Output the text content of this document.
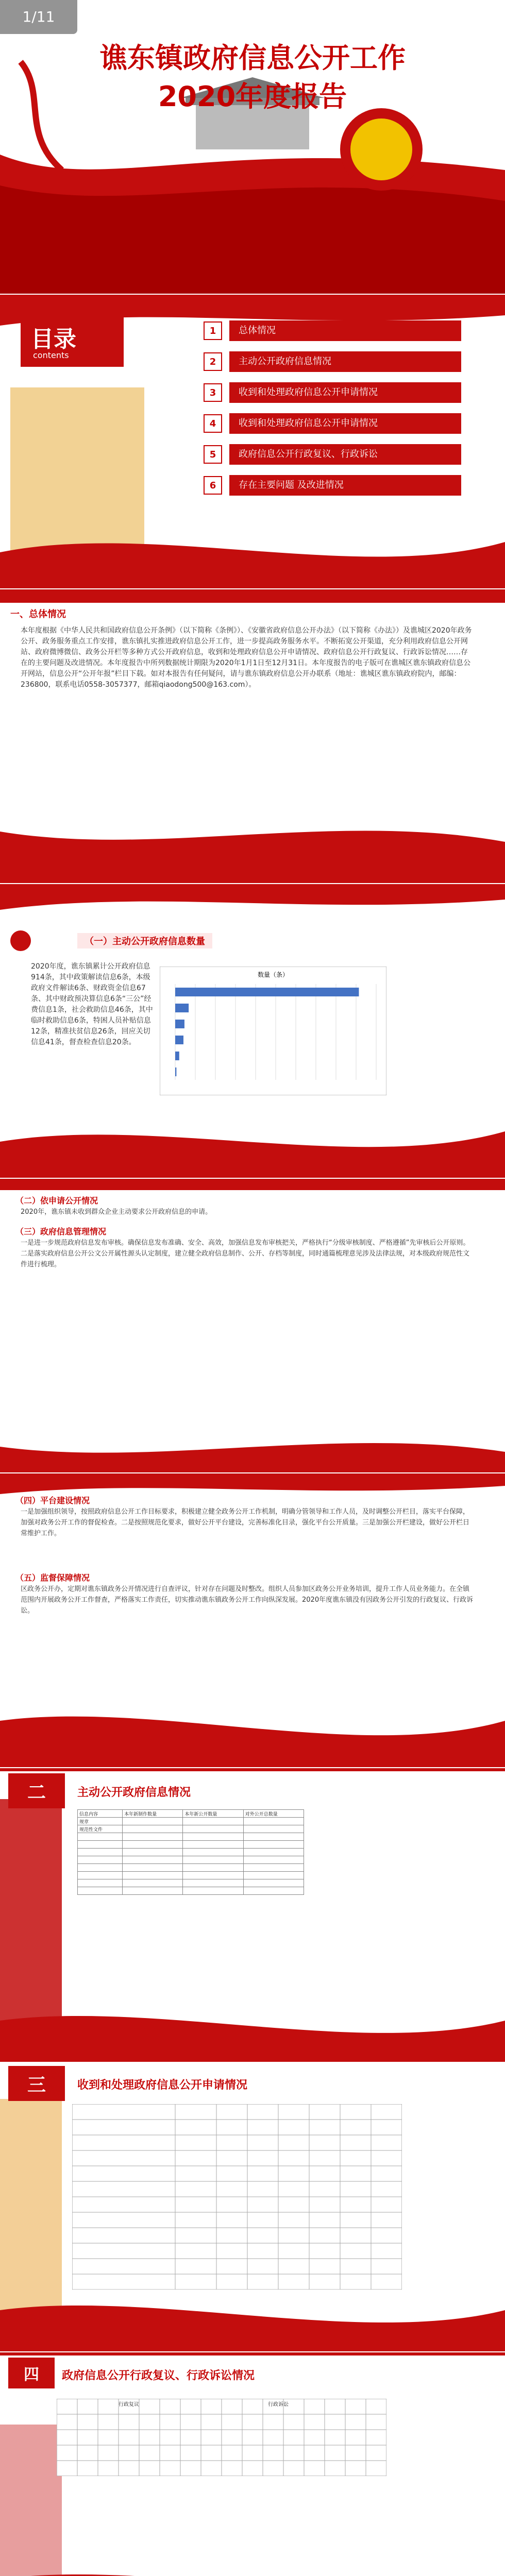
1/11
谯东镇政府信息公开工作
2020年度报告
目录
contents
1	总体情况
2	主动公开政府信息情况
3	收到和处理政府信息公开申请情况
4	收到和处理政府信息公开申请情况
5	政府信息公开行政复议、行政诉讼
6	存在主要问题 及改进情况
一、总体情况
本年度根据《中华人民共和国政府信息公开条例》（以下简称《条例》）、《安徽省政府信息公开办法》（以下简称《办法》）及谯城区2020年政务公开、政务服务重点工作安排，谯东镇扎实推进政府信息公开工作，进一步提高政务服务水平。不断拓宽公开渠道，充分利用政府信息公开网站、政府微博微信、政务公开栏等多种方式公开政府信息，收到和处理政府信息公开申请情况、政府信息公开行政复议、行政诉讼情况……存在的主要问题及改进情况。本年度报告中所列数据统计期限为2020年1月1日至12月31日。本年度报告的电子版可在谯城区谯东镇政府信息公开网站，信息公开“公开年报”栏目下载。如对本报告有任何疑问，请与谯东镇政府信息公开办联系（地址：谯城区谯东镇政府院内，邮编：236800，联系电话0558-3057377，邮箱qiaodong500@163.com）。
（一）主动公开政府信息数量
2020年度，谯东镇累计公开政府信息914条，其中政策解读信息6条，本级政府文件解读6条、财政资金信息67条、其中财政预决算信息6条“三公”经费信息1条，社会救助信息46条，其中临时救助信息6条，特困人员补贴信息12条，精准扶贫信息26条，回应关切信息41条，督查检查信息20条。
数量（条）
（二）依申请公开情况
2020年，谯东镇未收到群众企业主动要求公开政府信息的申请。
（三）政府信息管理情况
一是进一步规范政府信息发布审核。确保信息发布准确、安全、高效，加强信息发布审核把关，严格执行“分级审核制度、严格遵循”先审核后公开原则。二是落实政府信息公开公文公开属性源头认定制度，建立健全政府信息制作、公开、存档等制度，同时通篇梳理意见涉及法律法规，对本级政府规范性文件进行梳理。
（四）平台建设情况
一是加强组织领导，按照政府信息公开工作目标要求，积极建立健全政务公开工作机制，明确分管领导和工作人员，及时调整公开栏目，落实平台保障，加强对政务公开工作的督促检查。二是按照规范化要求，做好公开平台建设，完善标准化目录，强化平台公开质量。三是加强公开栏建设，做好公开栏日常维护工作。
（五）监督保障情况
区政务公开办，定期对谯东镇政务公开情况进行自查评议，针对存在问题及时整改。组织人员参加区政务公开业务培训，提升工作人员业务能力。在全镇范围内开展政务公开工作督查，严格落实工作责任，切实推动谯东镇政务公开工作向纵深发展。2020年度谯东镇没有因政务公开引发的行政复议、行政诉讼。
二	主动公开政府信息情况
信息内容	本年新制作数量	本年新公开数量	对外公开总数量
规章			
规范性文件			

三	收到和处理政府信息公开申请情况
四	政府信息公开行政复议、行政诉讼情况
行政复议	行政诉讼
